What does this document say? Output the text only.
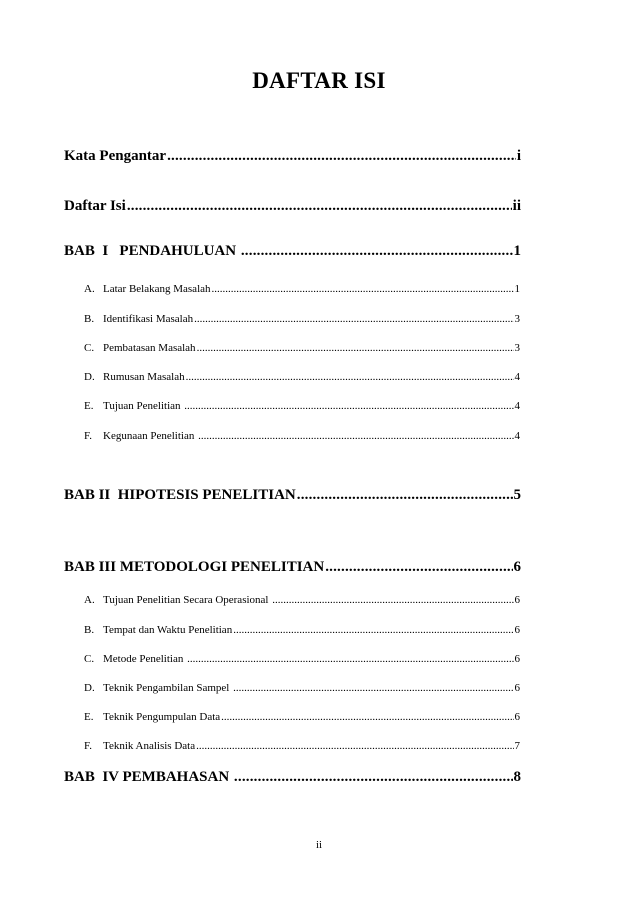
DAFTAR ISI
Kata Pengantar .....	i
Daftar Isi .....	ii
BAB  I   PENDAHULUAN .....	1
A. Latar Belakang Masalah .....	1
B. Identifikasi Masalah .....	3
C. Pembatasan Masalah .....	3
D. Rumusan Masalah .....	4
E. Tujuan Penelitian .....	4
F. Kegunaan Penelitian .....	4
BAB II  HIPOTESIS PENELITIAN .....	5
BAB III METODOLOGI PENELITIAN .....	6
A. Tujuan Penelitian Secara Operasional .....	6
B. Tempat dan Waktu Penelitian .....	6
C. Metode Penelitian .....	6
D. Teknik Pengambilan Sampel .....	6
E. Teknik Pengumpulan Data .....	6
F. Teknik Analisis Data .....	7
BAB  IV PEMBAHASAN .....	8
ii
